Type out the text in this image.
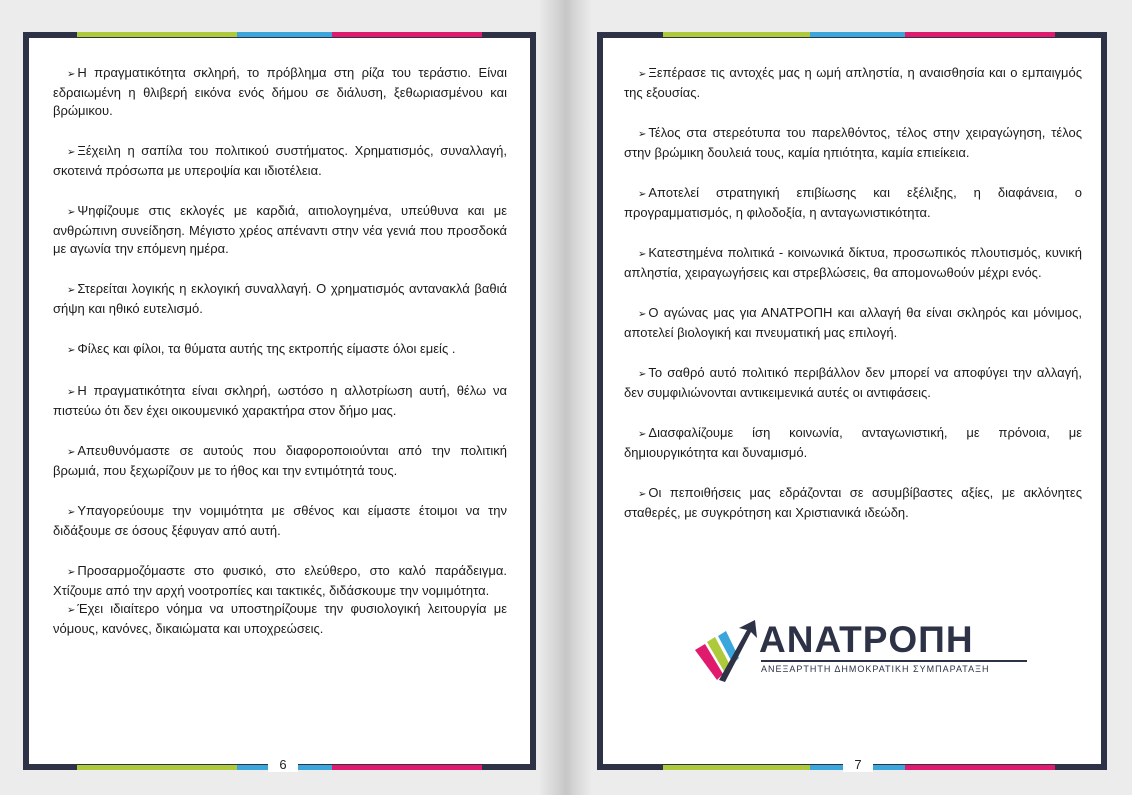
6

➢ Η πραγματικότητα σκληρή, το πρόβλημα στη ρίζα του τεράστιο. Είναι εδραιωμένη η θλιβερή εικόνα ενός δήμου σε διάλυση, ξεθωριασμένου και βρώμικου.

➢ Ξέχειλη η σαπίλα του πολιτικού συστήματος. Χρηματισμός, συναλλαγή, σκοτεινά πρόσωπα με υπεροψία και ιδιοτέλεια.

➢ Ψηφίζουμε στις εκλογές με καρδιά, αιτιολογημένα, υπεύθυνα και με ανθρώπινη συνείδηση. Μέγιστο χρέος απέναντι στην νέα γενιά που προσδοκά με αγωνία την επόμενη ημέρα.

➢ Στερείται λογικής η εκλογική συναλλαγή. Ο χρηματισμός αντανακλά βαθιά σήψη και ηθικό ευτελισμό.

➢ Φίλες και φίλοι, τα θύματα αυτής της εκτροπής είμαστε όλοι εμείς .

➢ Η πραγματικότητα είναι σκληρή, ωστόσο η αλλοτρίωση αυτή, θέλω να πιστεύω ότι δεν έχει οικουμενικό χαρακτήρα στον δήμο μας.

➢ Απευθυνόμαστε σε αυτούς που διαφοροποιούνται από την πολιτική βρωμιά, που ξεχωρίζουν με το ήθος και την εντιμότητά τους.

➢ Υπαγορεύουμε την νομιμότητα με σθένος και είμαστε έτοιμοι να την διδάξουμε σε όσους ξέφυγαν από αυτή.

➢ Προσαρμοζόμαστε στο φυσικό, στο ελεύθερο, στο καλό παράδειγμα. Χτίζουμε από την αρχή νοοτροπίες και τακτικές, διδάσκουμε την νομιμότητα.

➢ Έχει ιδιαίτερο νόημα να υποστηρίζουμε την φυσιολογική λειτουργία με νόμους, κανόνες, δικαιώματα και υποχρεώσεις.

7

➢ Ξεπέρασε τις αντοχές μας η ωμή απληστία, η αναισθησία και ο εμπαιγμός της εξουσίας.

➢ Τέλος στα στερεότυπα του παρελθόντος, τέλος στην χειραγώγηση, τέλος στην βρώμικη δουλειά τους, καμία ηπιότητα, καμία επιείκεια.

➢ Αποτελεί στρατηγική επιβίωσης και εξέλιξης, η διαφάνεια, ο προγραμματισμός, η φιλοδοξία, η ανταγωνιστικότητα.

➢ Κατεστημένα πολιτικά - κοινωνικά δίκτυα, προσωπικός πλουτισμός, κυνική απληστία, χειραγωγήσεις και στρεβλώσεις, θα απομονωθούν μέχρι ενός.

➢ Ο αγώνας μας για ΑΝΑΤΡΟΠΗ και αλλαγή θα είναι σκληρός και μόνιμος, αποτελεί βιολογική και πνευματική μας επιλογή.

➢ Το σαθρό αυτό πολιτικό περιβάλλον δεν μπορεί να αποφύγει την αλλαγή, δεν συμφιλιώνονται αντικειμενικά αυτές οι αντιφάσεις.

➢ Διασφαλίζουμε ίση κοινωνία, ανταγωνιστική, με πρόνοια, με δημιουργικότητα και δυναμισμό.

➢ Οι πεποιθήσεις μας εδράζονται σε ασυμβίβαστες αξίες, με ακλόνητες σταθερές, με συγκρότηση και Χριστιανικά ιδεώδη.

ΑΝΑΤΡΟΠΗ
ΑΝΕΞΑΡΤΗΤΗ ΔΗΜΟΚΡΑΤΙΚΗ ΣΥΜΠΑΡΑΤΑΞΗ
